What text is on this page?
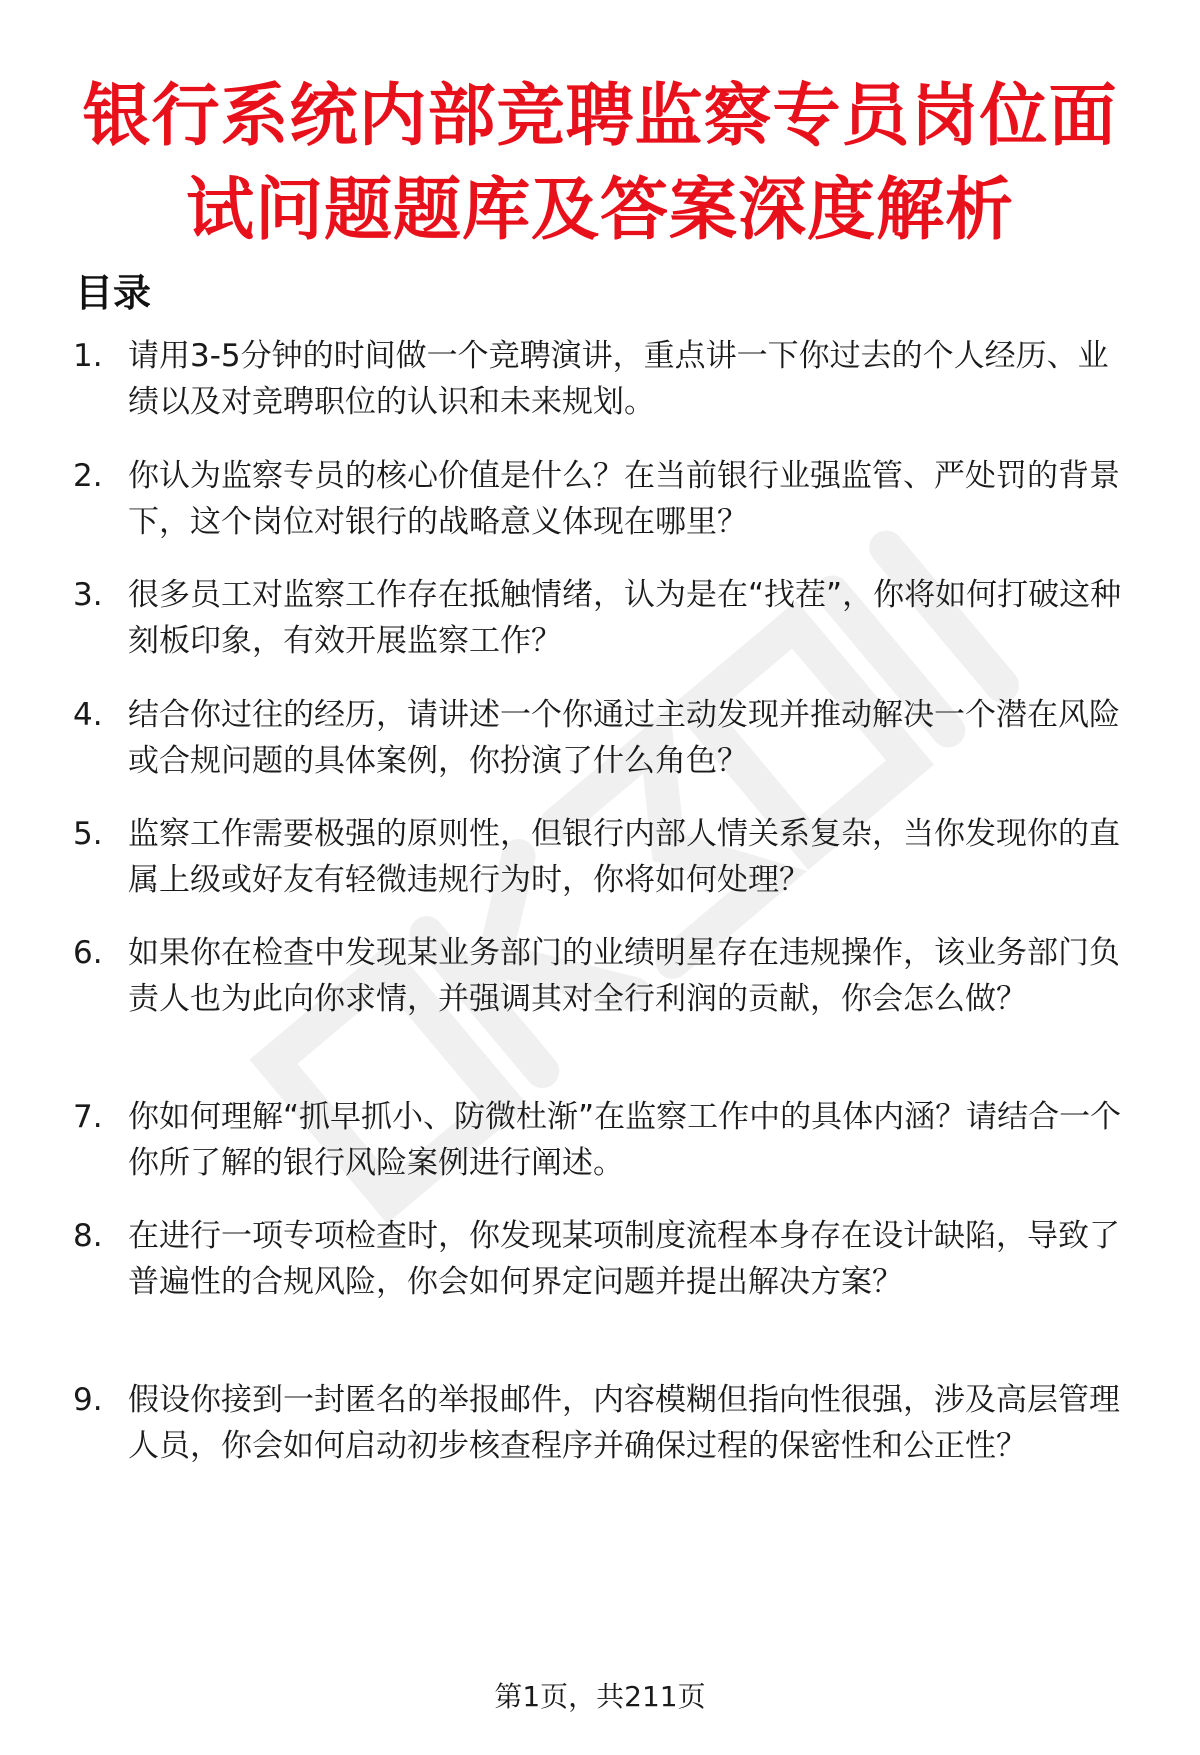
银行系统内部竞聘监察专员岗位面试问题题库及答案深度解析
目录
1. 请用3-5分钟的时间做一个竞聘演讲，重点讲一下你过去的个人经历、业绩以及对竞聘职位的认识和未来规划。
2. 你认为监察专员的核心价值是什么？在当前银行业强监管、严处罚的背景下，这个岗位对银行的战略意义体现在哪里？
3. 很多员工对监察工作存在抵触情绪，认为是在“找茬”，你将如何打破这种刻板印象，有效开展监察工作？
4. 结合你过往的经历，请讲述一个你通过主动发现并推动解决一个潜在风险或合规问题的具体案例，你扮演了什么角色？
5. 监察工作需要极强的原则性，但银行内部人情关系复杂，当你发现你的直属上级或好友有轻微违规行为时，你将如何处理？
6. 如果你在检查中发现某业务部门的业绩明星存在违规操作，该业务部门负责人也为此向你求情，并强调其对全行利润的贡献，你会怎么做？
7. 你如何理解“抓早抓小、防微杜渐”在监察工作中的具体内涵？请结合一个你所了解的银行风险案例进行阐述。
8. 在进行一项专项检查时，你发现某项制度流程本身存在设计缺陷，导致了普遍性的合规风险，你会如何界定问题并提出解决方案？
9. 假设你接到一封匿名的举报邮件，内容模糊但指向性很强，涉及高层管理人员，你会如何启动初步核查程序并确保过程的保密性和公正性？
第1页，共211页
